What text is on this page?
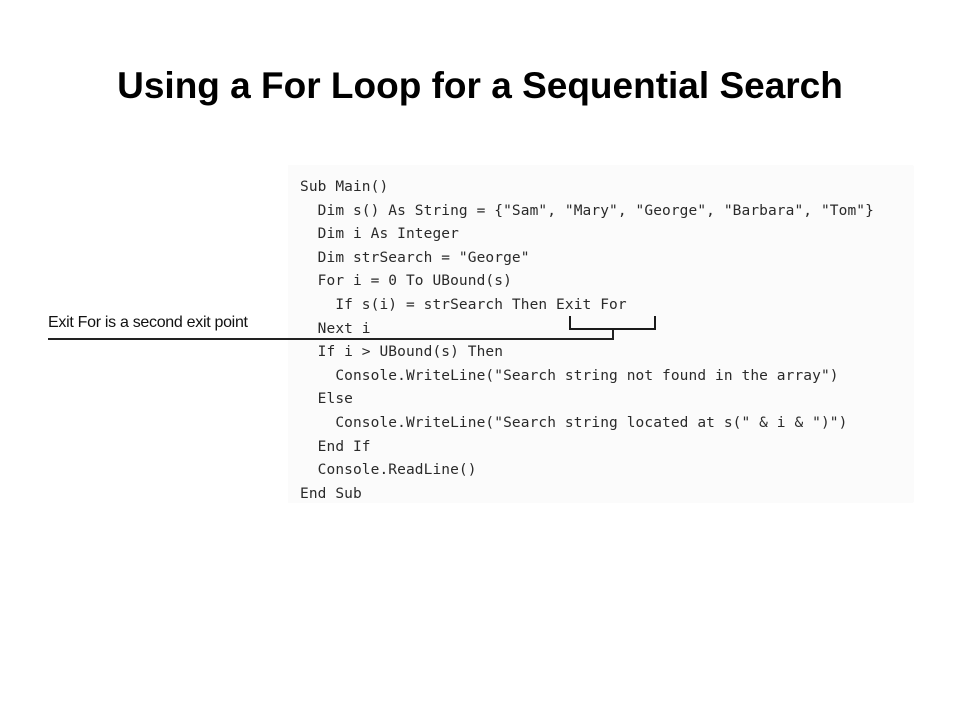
Using a For Loop for a Sequential Search
Sub Main()
Dim s() As String = {"Sam", "Mary", "George", "Barbara", "Tom"}
Dim i As Integer
Dim strSearch = "George"
For i = 0 To UBound(s)
If s(i) = strSearch Then Exit For
Next i
If i > UBound(s) Then
Console.WriteLine("Search string not found in the array")
Else
Console.WriteLine("Search string located at s(" & i & ")")
End If
Console.ReadLine()
End Sub
Exit For is a second exit point
